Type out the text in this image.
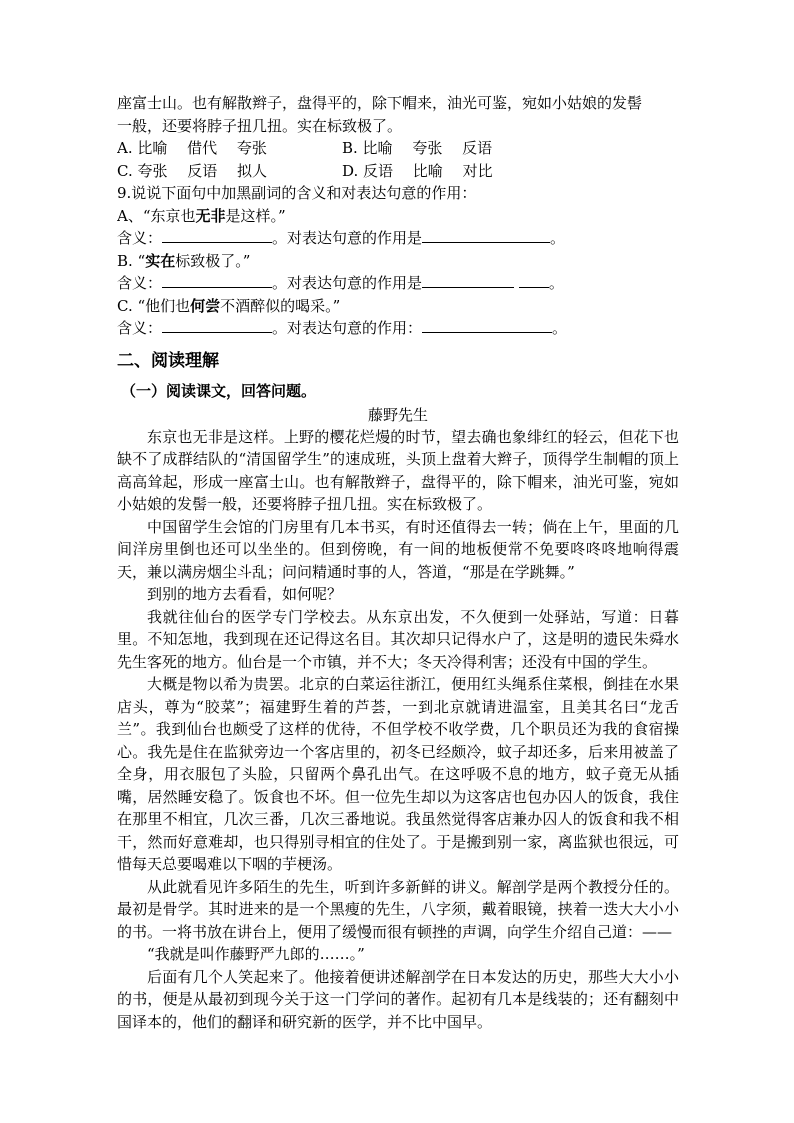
座富士山。也有解散辫子，盘得平的，除下帽来，油光可鉴，宛如小姑娘的发髻
一般，还要将脖子扭几扭。实在标致极了。
A. 比喻　 借代　 夸张	B. 比喻　 夸张　 反语
C. 夸张　 反语　 拟人	D. 反语　 比喻　 对比
9.说说下面句中加黑副词的含义和对表达句意的作用：
A、“东京也无非是这样。”
含义：	。对表达句意的作用是	。
B. “实在标致极了。”
含义：	。对表达句意的作用是	。
C. “他们也何尝不酒醉似的喝采。”
含义：	。对表达句意的作用：	。
二、阅读理解
（一）阅读课文，回答问题。
藤野先生

东京也无非是这样。上野的樱花烂熳的时节，望去确也象绯红的轻云，但花下也缺不了成群结队的“清国留学生”的速成班，头顶上盘着大辫子，顶得学生制帽的顶上高高耸起，形成一座富士山。也有解散辫子，盘得平的，除下帽来，油光可鉴，宛如小姑娘的发髻一般，还要将脖子扭几扭。实在标致极了。

中国留学生会馆的门房里有几本书买，有时还值得去一转；倘在上午，里面的几间洋房里倒也还可以坐坐的。但到傍晚，有一间的地板便常不免要咚咚咚地响得震天，兼以满房烟尘斗乱；问问精通时事的人，答道，“那是在学跳舞。”

到别的地方去看看，如何呢？

我就往仙台的医学专门学校去。从东京出发，不久便到一处驿站，写道：日暮里。不知怎地，我到现在还记得这名目。其次却只记得水户了，这是明的遗民朱舜水先生客死的地方。仙台是一个市镇，并不大；冬天冷得利害；还没有中国的学生。

大概是物以希为贵罢。北京的白菜运往浙江，便用红头绳系住菜根，倒挂在水果店头，尊为“胶菜”；福建野生着的芦荟，一到北京就请进温室，且美其名曰“龙舌兰”。我到仙台也颇受了这样的优待，不但学校不收学费，几个职员还为我的食宿操心。我先是住在监狱旁边一个客店里的，初冬已经颇冷，蚊子却还多，后来用被盖了全身，用衣服包了头脸，只留两个鼻孔出气。在这呼吸不息的地方，蚊子竟无从插嘴，居然睡安稳了。饭食也不坏。但一位先生却以为这客店也包办囚人的饭食，我住在那里不相宜，几次三番，几次三番地说。我虽然觉得客店兼办囚人的饭食和我不相干，然而好意难却，也只得别寻相宜的住处了。于是搬到别一家，离监狱也很远，可惜每天总要喝难以下咽的芋梗汤。

从此就看见许多陌生的先生，听到许多新鲜的讲义。解剖学是两个教授分任的。最初是骨学。其时进来的是一个黑瘦的先生，八字须，戴着眼镜，挟着一迭大大小小的书。一将书放在讲台上，便用了缓慢而很有顿挫的声调，向学生介绍自己道：——

“我就是叫作藤野严九郎的……。”

后面有几个人笑起来了。他接着便讲述解剖学在日本发达的历史，那些大大小小的书，便是从最初到现今关于这一门学问的著作。起初有几本是线装的；还有翻刻中国译本的，他们的翻译和研究新的医学，并不比中国早。
